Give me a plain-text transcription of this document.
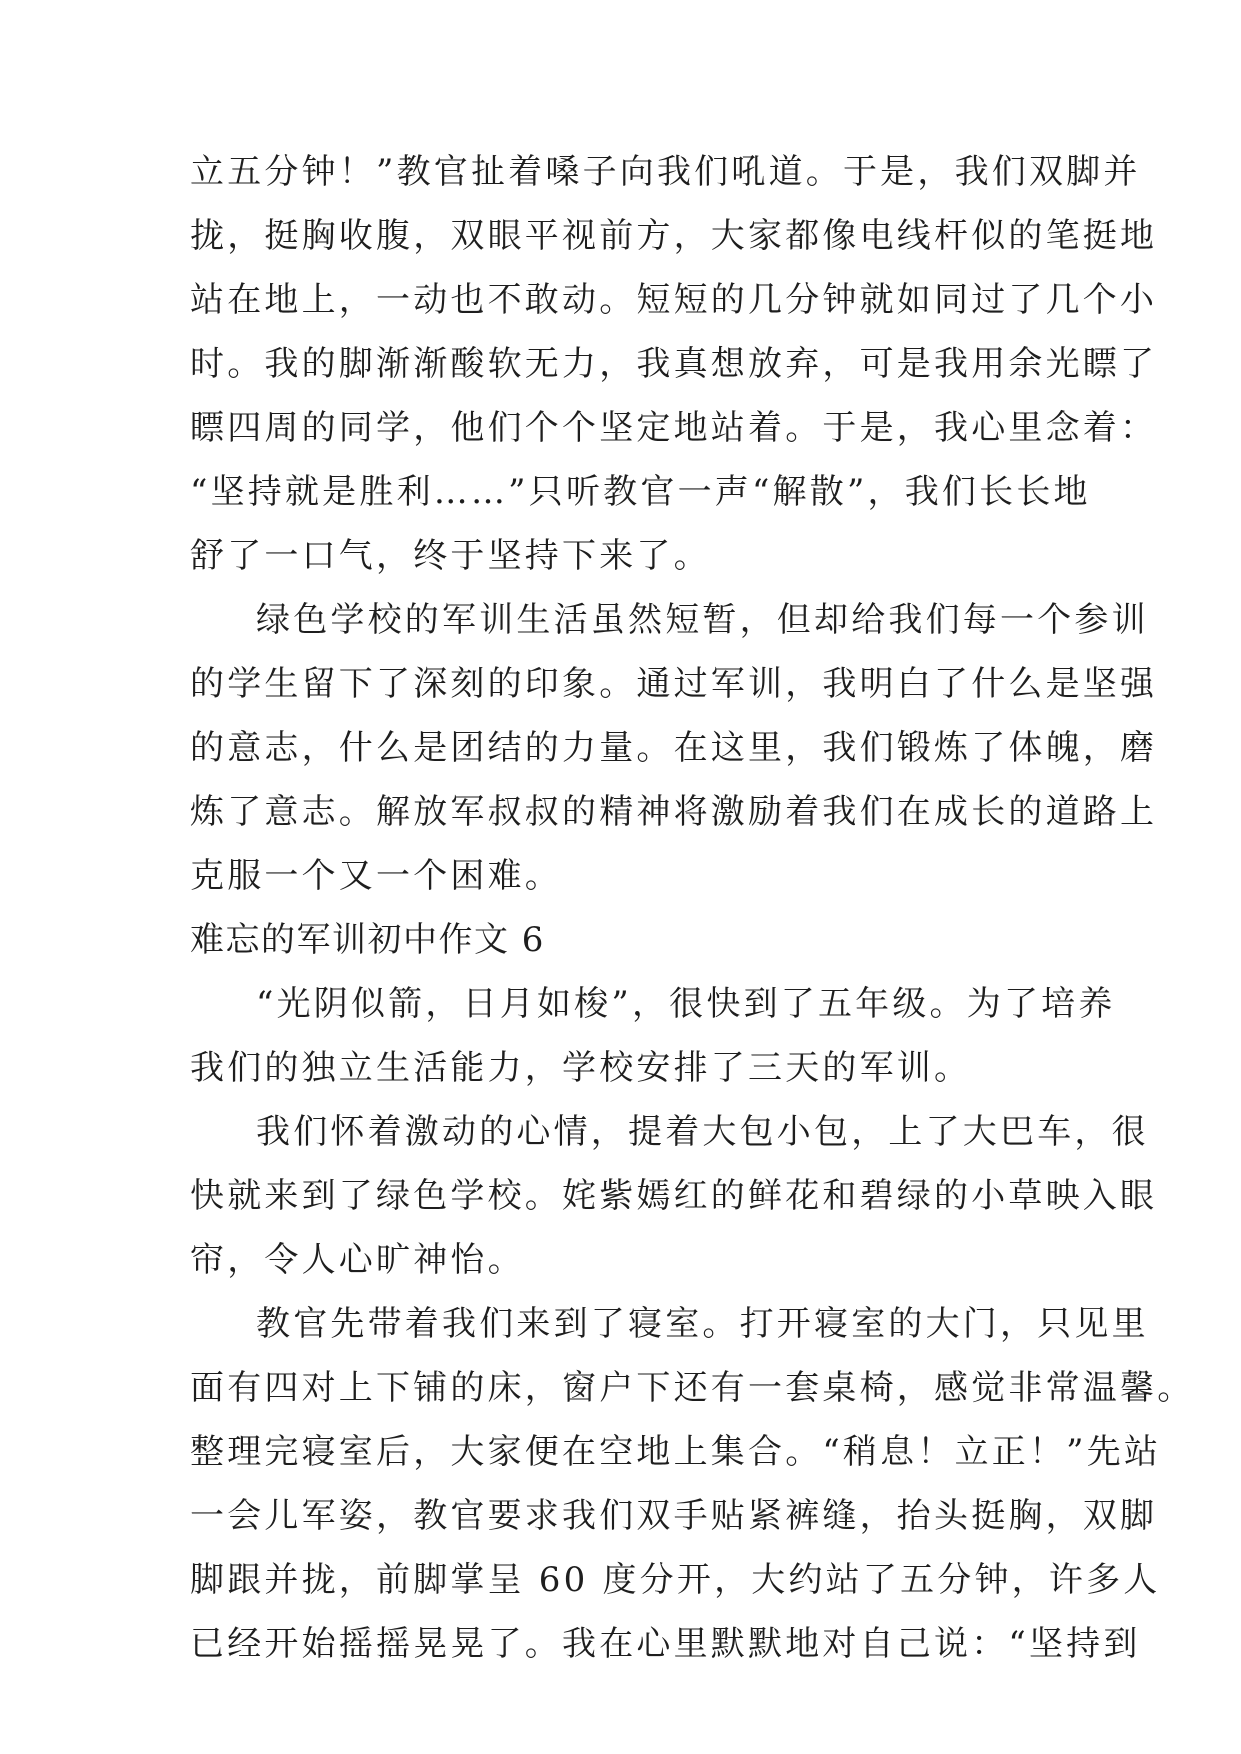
立五分钟！”教官扯着嗓子向我们吼道。于是，我们双脚并
拢，挺胸收腹，双眼平视前方，大家都像电线杆似的笔挺地
站在地上，一动也不敢动。短短的几分钟就如同过了几个小
时。我的脚渐渐酸软无力，我真想放弃，可是我用余光瞟了
瞟四周的同学，他们个个坚定地站着。于是，我心里念着：
“坚持就是胜利……”只听教官一声“解散”，我们长长地
舒了一口气，终于坚持下来了。
绿色学校的军训生活虽然短暂，但却给我们每一个参训
的学生留下了深刻的印象。通过军训，我明白了什么是坚强
的意志，什么是团结的力量。在这里，我们锻炼了体魄，磨
炼了意志。解放军叔叔的精神将激励着我们在成长的道路上
克服一个又一个困难。
难忘的军训初中作文 6
“光阴似箭，日月如梭”，很快到了五年级。为了培养
我们的独立生活能力，学校安排了三天的军训。
我们怀着激动的心情，提着大包小包，上了大巴车，很
快就来到了绿色学校。姹紫嫣红的鲜花和碧绿的小草映入眼
帘，令人心旷神怡。
教官先带着我们来到了寝室。打开寝室的大门，只见里
面有四对上下铺的床，窗户下还有一套桌椅，感觉非常温馨。
整理完寝室后，大家便在空地上集合。“稍息！立正！”先站
一会儿军姿，教官要求我们双手贴紧裤缝，抬头挺胸，双脚
脚跟并拢，前脚掌呈 60 度分开，大约站了五分钟，许多人
已经开始摇摇晃晃了。我在心里默默地对自己说：“坚持到
